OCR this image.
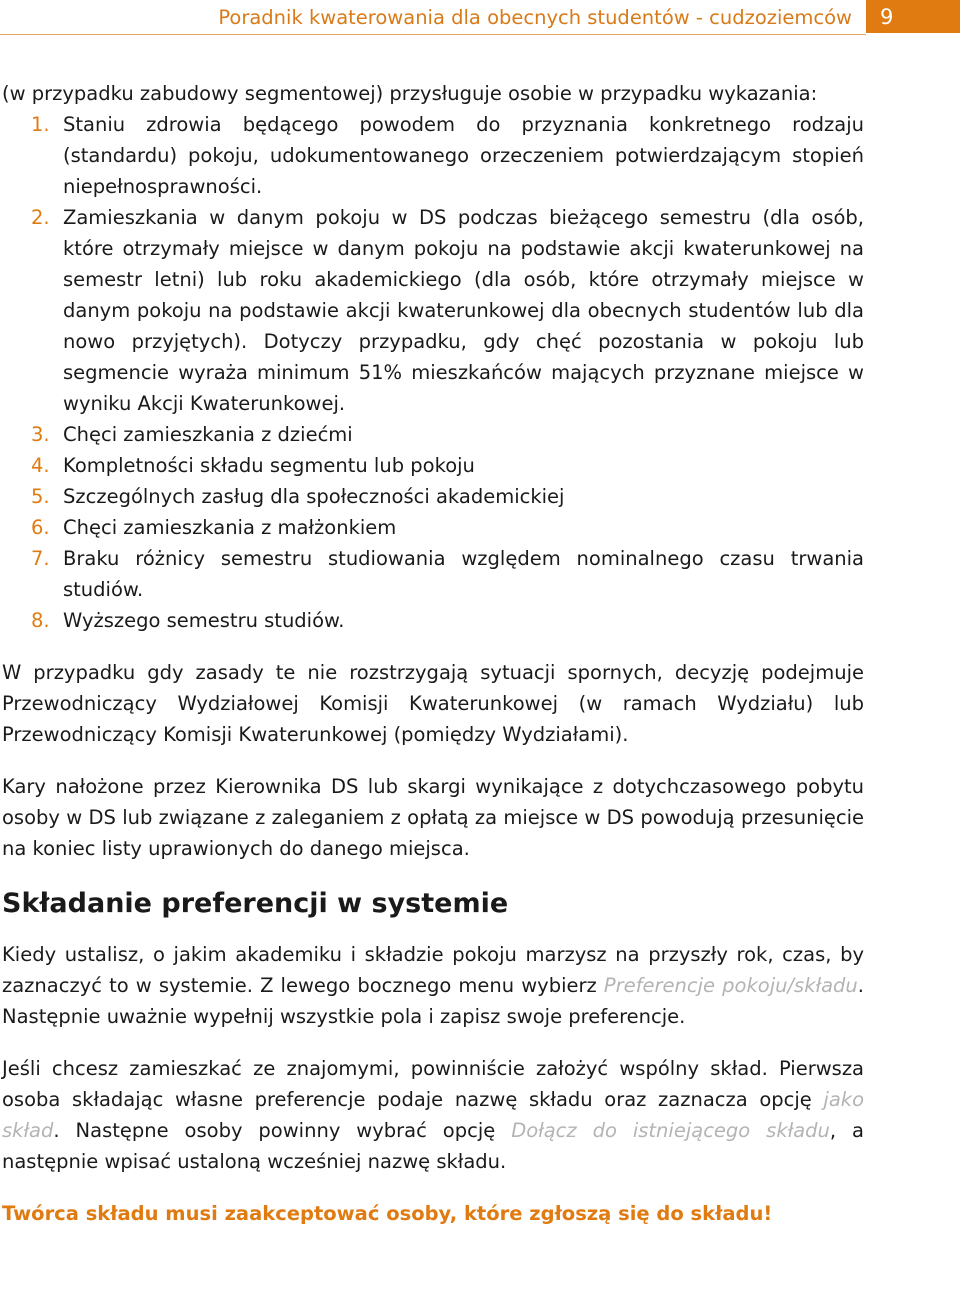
Poradnik kwaterowania dla obecnych studentów - cudzoziemców	9

(w przypadku zabudowy segmentowej) przysługuje osobie w przypadku wykazania:

1. Staniu zdrowia będącego powodem do przyznania konkretnego rodzaju (standardu) pokoju, udokumentowanego orzeczeniem potwierdzającym stopień niepełnosprawności.
2. Zamieszkania w danym pokoju w DS podczas bieżącego semestru (dla osób, które otrzymały miejsce w danym pokoju na podstawie akcji kwaterunkowej na semestr letni) lub roku akademickiego (dla osób, które otrzymały miejsce w danym pokoju na podstawie akcji kwaterunkowej dla obecnych studentów lub dla nowo przyjętych). Dotyczy przypadku, gdy chęć pozostania w pokoju lub segmencie wyraża minimum 51% mieszkańców mających przyznane miejsce w wyniku Akcji Kwaterunkowej.
3. Chęci zamieszkania z dziećmi
4. Kompletności składu segmentu lub pokoju
5. Szczególnych zasług dla społeczności akademickiej
6. Chęci zamieszkania z małżonkiem
7. Braku różnicy semestru studiowania względem nominalnego czasu trwania studiów.
8. Wyższego semestru studiów.

W przypadku gdy zasady te nie rozstrzygają sytuacji spornych, decyzję podejmuje Przewodniczący Wydziałowej Komisji Kwaterunkowej (w ramach Wydziału) lub Przewodniczący Komisji Kwaterunkowej (pomiędzy Wydziałami).

Kary nałożone przez Kierownika DS lub skargi wynikające z dotychczasowego pobytu osoby w DS lub związane z zaleganiem z opłatą za miejsce w DS powodują przesunięcie na koniec listy uprawionych do danego miejsca.

Składanie preferencji w systemie

Kiedy ustalisz, o jakim akademiku i składzie pokoju marzysz na przyszły rok, czas, by zaznaczyć to w systemie. Z lewego bocznego menu wybierz Preferencje pokoju/składu. Następnie uważnie wypełnij wszystkie pola i zapisz swoje preferencje.

Jeśli chcesz zamieszkać ze znajomymi, powinniście założyć wspólny skład. Pierwsza osoba składając własne preferencje podaje nazwę składu oraz zaznacza opcję jako skład. Następne osoby powinny wybrać opcję Dołącz do istniejącego składu, a następnie wpisać ustaloną wcześniej nazwę składu.

Twórca składu musi zaakceptować osoby, które zgłoszą się do składu!
